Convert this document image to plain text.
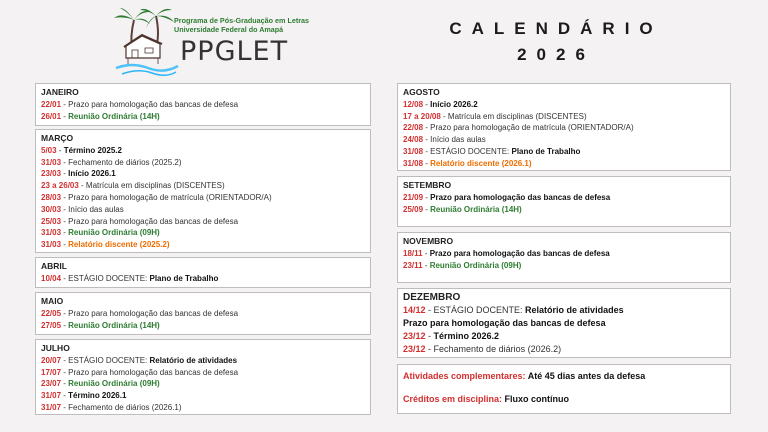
Programa de Pós-Graduação em Letras
Universidade Federal do Amapá
PPGLET
CALENDÁRIO
2026
JANEIRO
22/01 - Prazo para homologação das bancas de defesa
26/01 - Reunião Ordinária (14H)
MARÇO
5/03 - Término 2025.2
31/03 - Fechamento de diários (2025.2)
23/03 - Início 2026.1
23 a 26/03 - Matrícula em disciplinas (DISCENTES)
28/03 - Prazo para homologação de matrícula (ORIENTADOR/A)
30/03 - Início das aulas
25/03 - Prazo para homologação das bancas de defesa
31/03 - Reunião Ordinária (09H)
31/03 - Relatório discente (2025.2)
ABRIL
10/04 - ESTÁGIO DOCENTE: Plano de Trabalho
MAIO
22/05 - Prazo para homologação das bancas de defesa
27/05 - Reunião Ordinária (14H)
JULHO
20/07 - ESTÁGIO DOCENTE: Relatório de atividades
17/07 - Prazo para homologação das bancas de defesa
23/07 - Reunião Ordinária (09H)
31/07 - Término 2026.1
31/07 - Fechamento de diários (2026.1)
AGOSTO
12/08 - Início 2026.2
17 a 20/08 - Matrícula em disciplinas (DISCENTES)
22/08 - Prazo para homologação de matrícula (ORIENTADOR/A)
24/08 - Início das aulas
31/08 - ESTÁGIO DOCENTE: Plano de Trabalho
31/08 - Relatório discente (2026.1)
SETEMBRO
21/09 - Prazo para homologação das bancas de defesa
25/09 - Reunião Ordinária (14H)
NOVEMBRO
18/11 - Prazo para homologação das bancas de defesa
23/11 - Reunião Ordinária (09H)
DEZEMBRO
14/12 - ESTÁGIO DOCENTE: Relatório de atividades
Prazo para homologação das bancas de defesa
23/12 - Término 2026.2
23/12 - Fechamento de diários (2026.2)
Atividades complementares: Até 45 dias antes da defesa
Créditos em disciplina: Fluxo contínuo
